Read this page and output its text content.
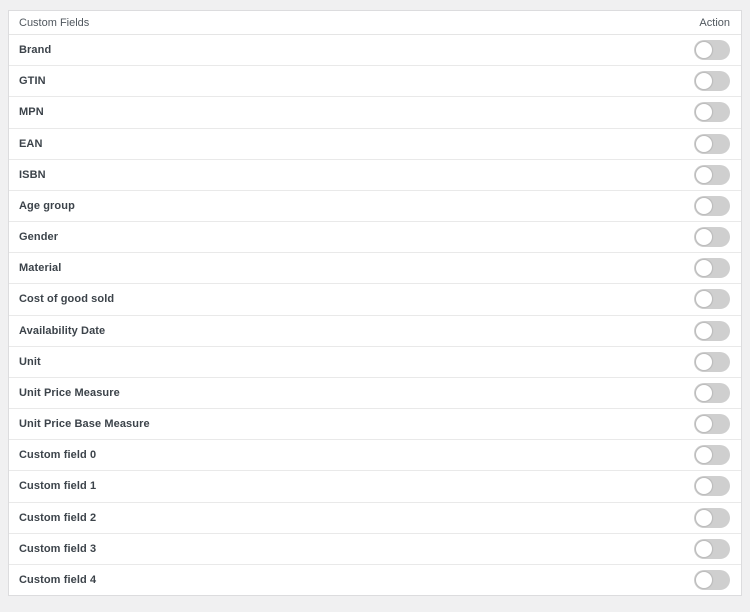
Custom Fields	Action
Brand
GTIN
MPN
EAN
ISBN
Age group
Gender
Material
Cost of good sold
Availability Date
Unit
Unit Price Measure
Unit Price Base Measure
Custom field 0
Custom field 1
Custom field 2
Custom field 3
Custom field 4
